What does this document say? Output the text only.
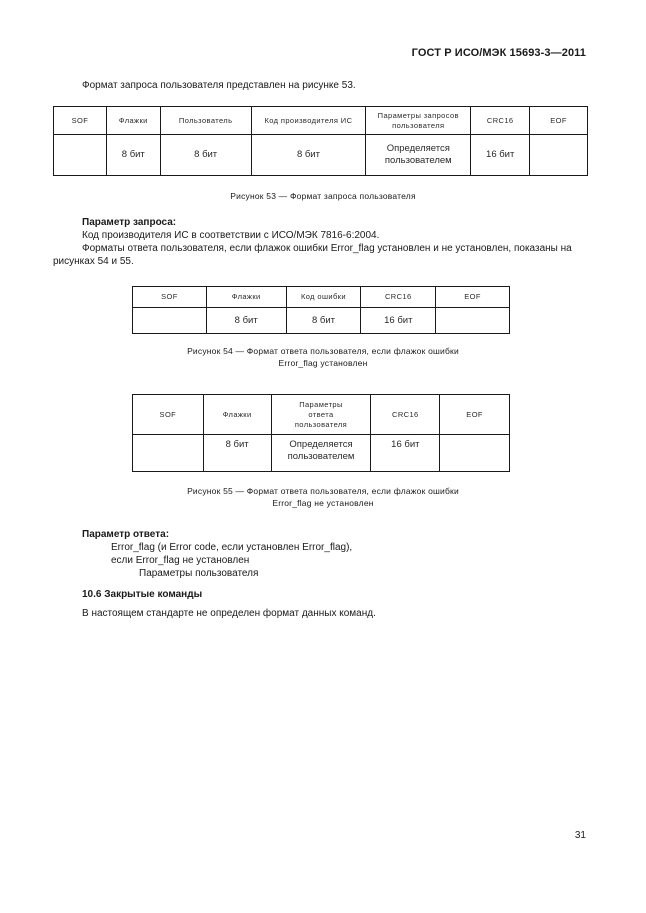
ГОСТ Р ИСО/МЭК 15693-3—2011
Формат запроса пользователя представлен на рисунке 53.
SOF	Флажки	Пользователь	Код производителя ИС	Параметры запросов пользователя	CRC16	EOF
	8 бит	8 бит	8 бит	Определяется пользователем	16 бит	
Рисунок 53 — Формат запроса пользователя
Параметр запроса:
Код производителя ИС в соответствии с ИСО/МЭК 7816-6:2004.
Форматы ответа пользователя, если флажок ошибки Error_flag установлен и не установлен, показаны на рисунках 54 и 55.
SOF	Флажки	Код ошибки	CRC16	EOF
	8 бит	8 бит	16 бит	
Рисунок 54 — Формат ответа пользователя, если флажок ошибки
Error_flag установлен
SOF	Флажки	Параметры ответа пользователя	CRC16	EOF
	8 бит	Определяется пользователем	16 бит	
Рисунок 55 — Формат ответа пользователя, если флажок ошибки
Error_flag не установлен
Параметр ответа:
Error_flag (и Error code, если установлен Error_flag),
если Error_flag не установлен
Параметры пользователя
10.6 Закрытые команды
В настоящем стандарте не определен формат данных команд.
31
